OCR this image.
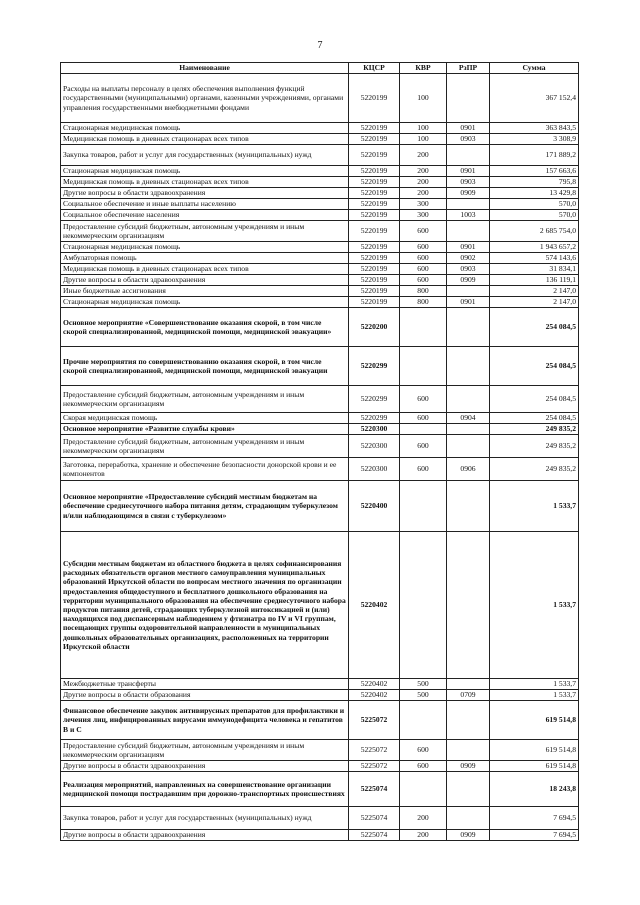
7
Наименование	КЦСР	КВР	РзПР	Сумма
Расходы на выплаты персоналу в целях обеспечения выполнения функций государственными (муниципальными) органами, казенными учреждениями, органами управления государственными внебюджетными фондами	5220199	100		367 152,4
Стационарная медицинская помощь	5220199	100	0901	363 843,5
Медицинская помощь в дневных стационарах всех типов	5220199	100	0903	3 308,9
Закупка товаров, работ и услуг для государственных (муниципальных) нужд	5220199	200		171 889,2
Стационарная медицинская помощь	5220199	200	0901	157 663,6
Медицинская помощь в дневных стационарах всех типов	5220199	200	0903	795,8
Другие вопросы в области здравоохранения	5220199	200	0909	13 429,8
Социальное обеспечение и иные выплаты населению	5220199	300		570,0
Социальное обеспечение населения	5220199	300	1003	570,0
Предоставление субсидий бюджетным, автономным учреждениям и иным некоммерческим организациям	5220199	600		2 685 754,0
Стационарная медицинская помощь	5220199	600	0901	1 943 657,2
Амбулаторная помощь	5220199	600	0902	574 143,6
Медицинская помощь в дневных стационарах всех типов	5220199	600	0903	31 834,1
Другие вопросы в области здравоохранения	5220199	600	0909	136 119,1
Иные бюджетные ассигнования	5220199	800		2 147,0
Стационарная медицинская помощь	5220199	800	0901	2 147,0
Основное мероприятие «Совершенствование оказания скорой, в том числе скорой специализированной, медицинской помощи, медицинской эвакуации»	5220200			254 084,5
Прочие мероприятия по совершенствованию оказания скорой, в том числе скорой специализированной, медицинской помощи, медицинской эвакуации	5220299			254 084,5
Предоставление субсидий бюджетным, автономным учреждениям и иным некоммерческим организациям	5220299	600		254 084,5
Скорая медицинская помощь	5220299	600	0904	254 084,5
Основное мероприятие «Развитие службы крови»	5220300			249 835,2
Предоставление субсидий бюджетным, автономным учреждениям и иным некоммерческим организациям	5220300	600		249 835,2
Заготовка, переработка, хранение и обеспечение безопасности донорской крови и ее компонентов	5220300	600	0906	249 835,2
Основное мероприятие «Предоставление субсидий местным бюджетам на обеспечение среднесуточного набора питания детям, страдающим туберкулезом и/или наблюдающимся в связи с туберкулезом»	5220400			1 533,7
Субсидии местным бюджетам из областного бюджета в целях софинансирования расходных обязательств органов местного самоуправления муниципальных образований Иркутской области по вопросам местного значения по организации предоставления общедоступного и бесплатного дошкольного образования на территории муниципального образования на обеспечение среднесуточного набора продуктов питания детей, страдающих туберкулезной интоксикацией и (или) находящихся под диспансерным наблюдением у фтизиатра по IV и VI группам, посещающих группы оздоровительной направленности в муниципальных дошкольных образовательных организациях, расположенных на территории Иркутской области	5220402			1 533,7
Межбюджетные трансферты	5220402	500		1 533,7
Другие вопросы в области образования	5220402	500	0709	1 533,7
Финансовое обеспечение закупок антивирусных препаратов для профилактики и лечения лиц, инфицированных вирусами иммунодефицита человека и гепатитов B и C	5225072			619 514,8
Предоставление субсидий бюджетным, автономным учреждениям и иным некоммерческим организациям	5225072	600		619 514,8
Другие вопросы в области здравоохранения	5225072	600	0909	619 514,8
Реализация мероприятий, направленных на совершенствование организации медицинской помощи пострадавшим при дорожно-транспортных происшествиях	5225074			18 243,8
Закупка товаров, работ и услуг для государственных (муниципальных) нужд	5225074	200		7 694,5
Другие вопросы в области здравоохранения	5225074	200	0909	7 694,5
